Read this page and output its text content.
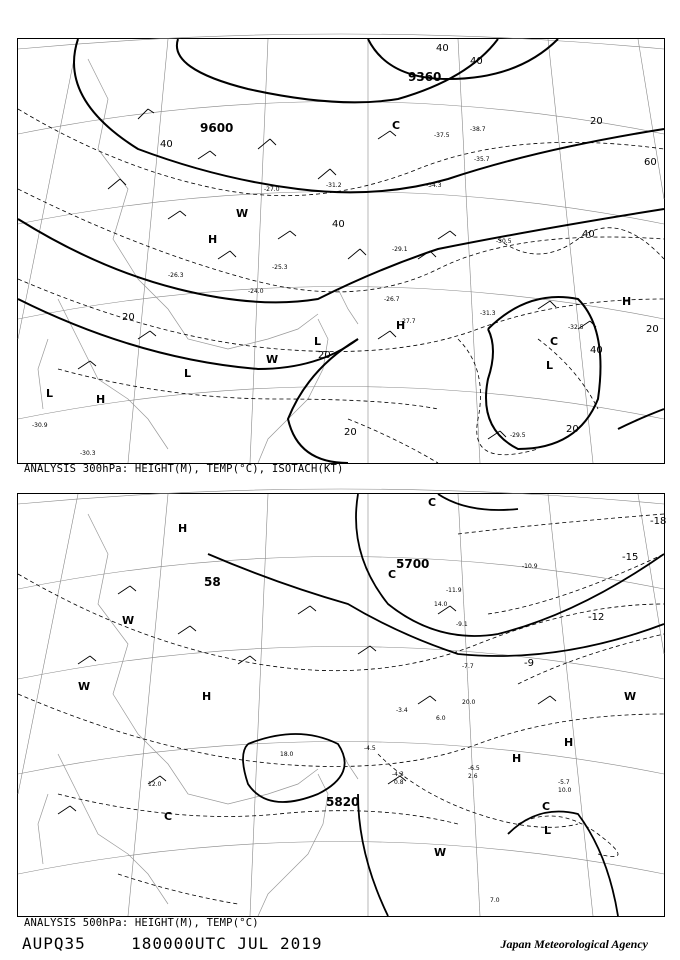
9360
9600
40
40
40
40
40
40
20
20
20	20
20
20
60
H
H
H
H
L
L
L
L
C
C
W
W
-29.1
-31.3
-29.5
-26.7
-27.7
-30.5
-32.5
-35.7
-38.7
-37.5
-34.3
-31.2
-27.0
-25.3
-24.0
-26.3
-30.9
-30.3
ANALYSIS 300hPa: HEIGHT(M), TEMP(°C), ISOTACH(KT)
5700
5820
58
-18
-15
-12
-9
H
H
H
H
L
C
C
C
C
W
W
W
W
-9.1
-11.9
-10.9
-4.5
-4.3
-6.5
-5.7
2.6
7.0
10.0
12.0
20.0
14.0
-7.7
-3.4
6.0
0.8
18.0
ANALYSIS 500hPa: HEIGHT(M), TEMP(°C)
AUPQ35	180000UTC JUL 2019	Japan Meteorological Agency
